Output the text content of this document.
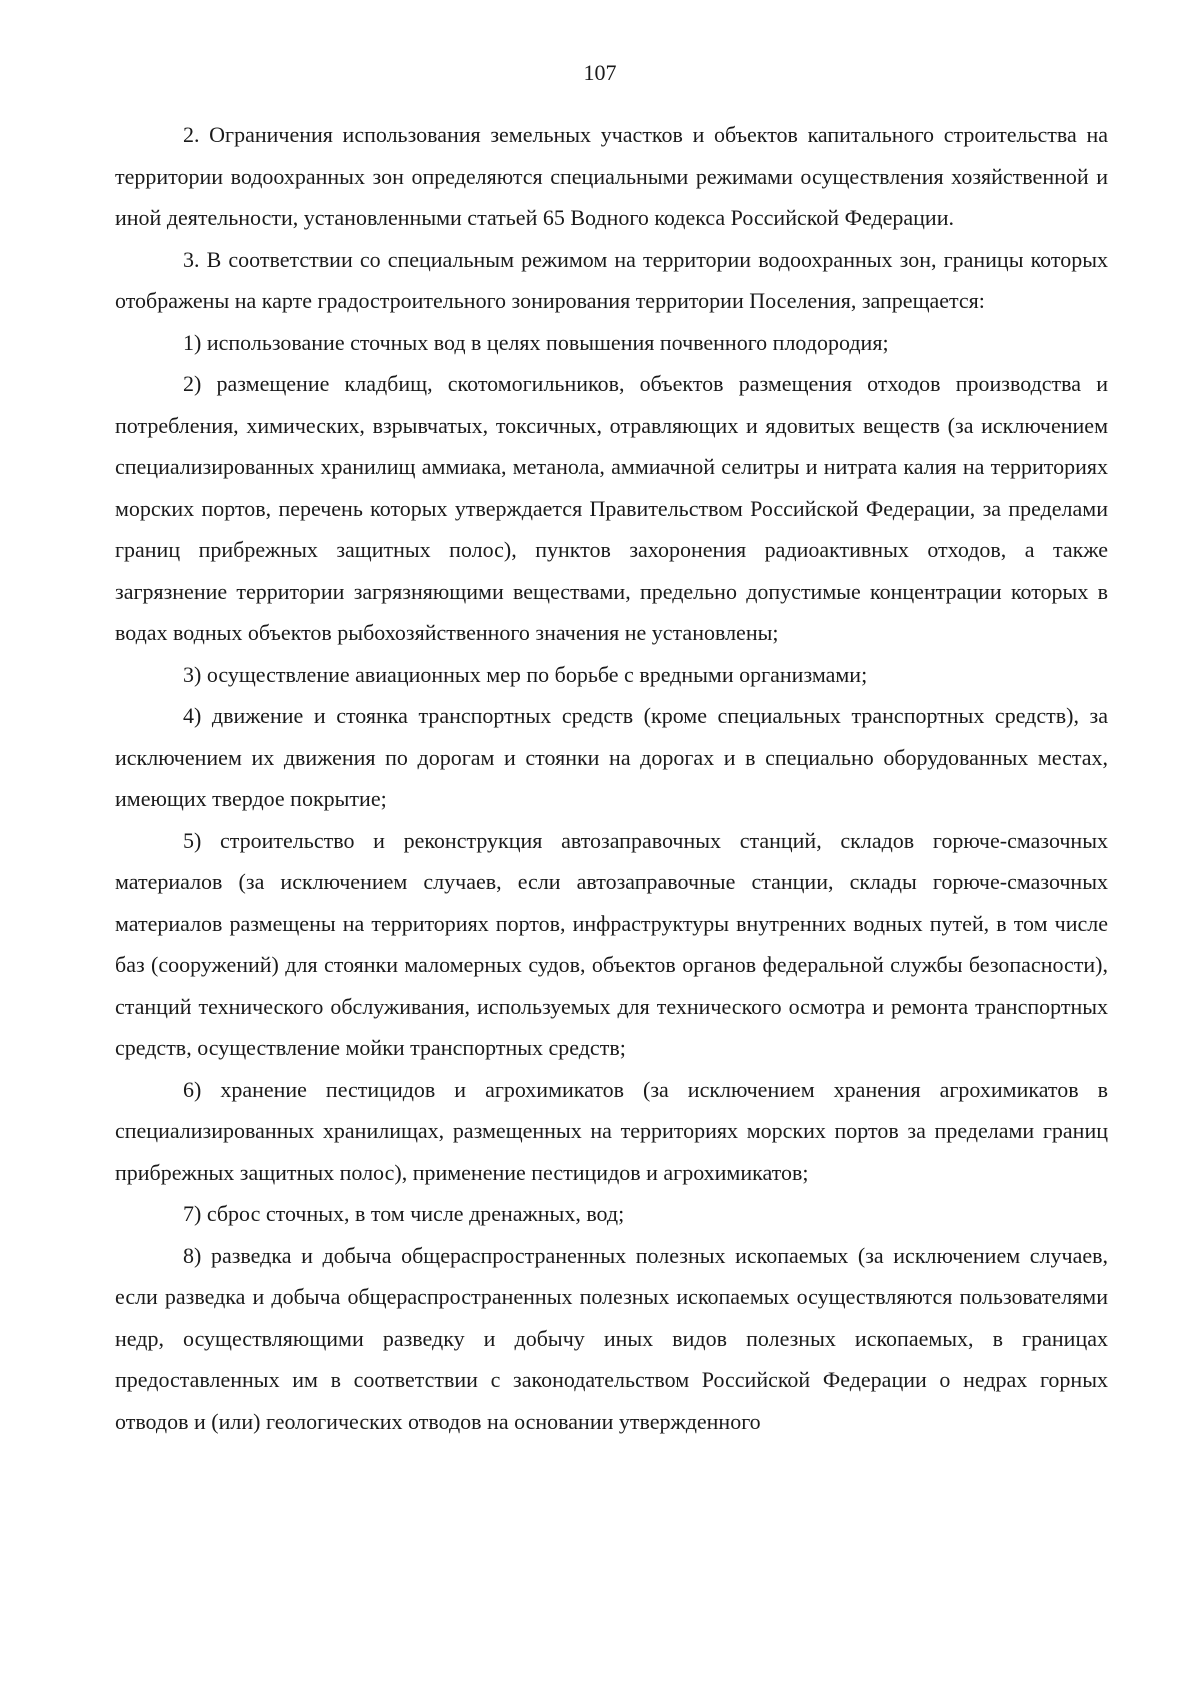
107

2. Ограничения использования земельных участков и объектов капитального строительства на территории водоохранных зон определяются специальными режимами осуществления хозяйственной и иной деятельности, установленными статьей 65 Водного кодекса Российской Федерации.

3. В соответствии со специальным режимом на территории водоохранных зон, границы которых отображены на карте градостроительного зонирования территории Поселения, запрещается:

1) использование сточных вод в целях повышения почвенного плодородия;

2) размещение кладбищ, скотомогильников, объектов размещения отходов производства и потребления, химических, взрывчатых, токсичных, отравляющих и ядовитых веществ (за исключением специализированных хранилищ аммиака, метанола, аммиачной селитры и нитрата калия на территориях морских портов, перечень которых утверждается Правительством Российской Федерации, за пределами границ прибрежных защитных полос), пунктов захоронения радиоактивных отходов, а также загрязнение территории загрязняющими веществами, предельно допустимые концентрации которых в водах водных объектов рыбохозяйственного значения не установлены;

3) осуществление авиационных мер по борьбе с вредными организмами;

4) движение и стоянка транспортных средств (кроме специальных транспортных средств), за исключением их движения по дорогам и стоянки на дорогах и в специально оборудованных местах, имеющих твердое покрытие;

5) строительство и реконструкция автозаправочных станций, складов горюче-смазочных материалов (за исключением случаев, если автозаправочные станции, склады горюче-смазочных материалов размещены на территориях портов, инфраструктуры внутренних водных путей, в том числе баз (сооружений) для стоянки маломерных судов, объектов органов федеральной службы безопасности), станций технического обслуживания, используемых для технического осмотра и ремонта транспортных средств, осуществление мойки транспортных средств;

6) хранение пестицидов и агрохимикатов (за исключением хранения агрохимикатов в специализированных хранилищах, размещенных на территориях морских портов за пределами границ прибрежных защитных полос), применение пестицидов и агрохимикатов;

7) сброс сточных, в том числе дренажных, вод;

8) разведка и добыча общераспространенных полезных ископаемых (за исключением случаев, если разведка и добыча общераспространенных полезных ископаемых осуществляются пользователями недр, осуществляющими разведку и добычу иных видов полезных ископаемых, в границах предоставленных им в соответствии с законодательством Российской Федерации о недрах горных отводов и (или) геологических отводов на основании утвержденного
